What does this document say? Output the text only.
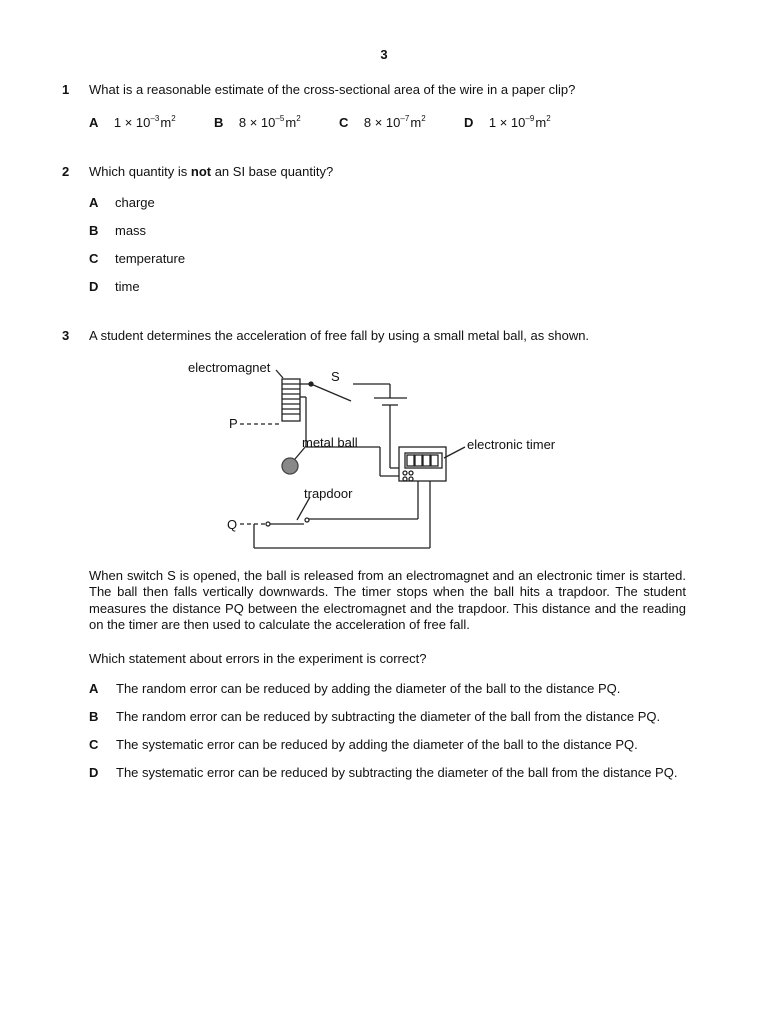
3
1 What is a reasonable estimate of the cross-sectional area of the wire in a paper clip?
A $1 \times 10^{-3}$ $m^2$	B $8 \times 10^{-5}$ $m^2$	C $8 \times 10^{-7}$ $m^2$	D $1 \times 10^{-9}$ $m^2$
2 Which quantity is not an SI base quantity?
A charge
B mass
C temperature
D time
3 A student determines the acceleration of free fall by using a small metal ball, as shown.
electromagnet
S
P
metal ball	electronic timer
trapdoor
Q
When switch S is opened, the ball is released from an electromagnet and an electronic timer is started. The ball then falls vertically downwards. The timer stops when the ball hits a trapdoor. The student measures the distance PQ between the electromagnet and the trapdoor. This distance and the reading on the timer are then used to calculate the acceleration of free fall.
Which statement about errors in the experiment is correct?
A The random error can be reduced by adding the diameter of the ball to the distance PQ.
B The random error can be reduced by subtracting the diameter of the ball from the distance PQ.
C The systematic error can be reduced by adding the diameter of the ball to the distance PQ.
D The systematic error can be reduced by subtracting the diameter of the ball from the distance PQ.
